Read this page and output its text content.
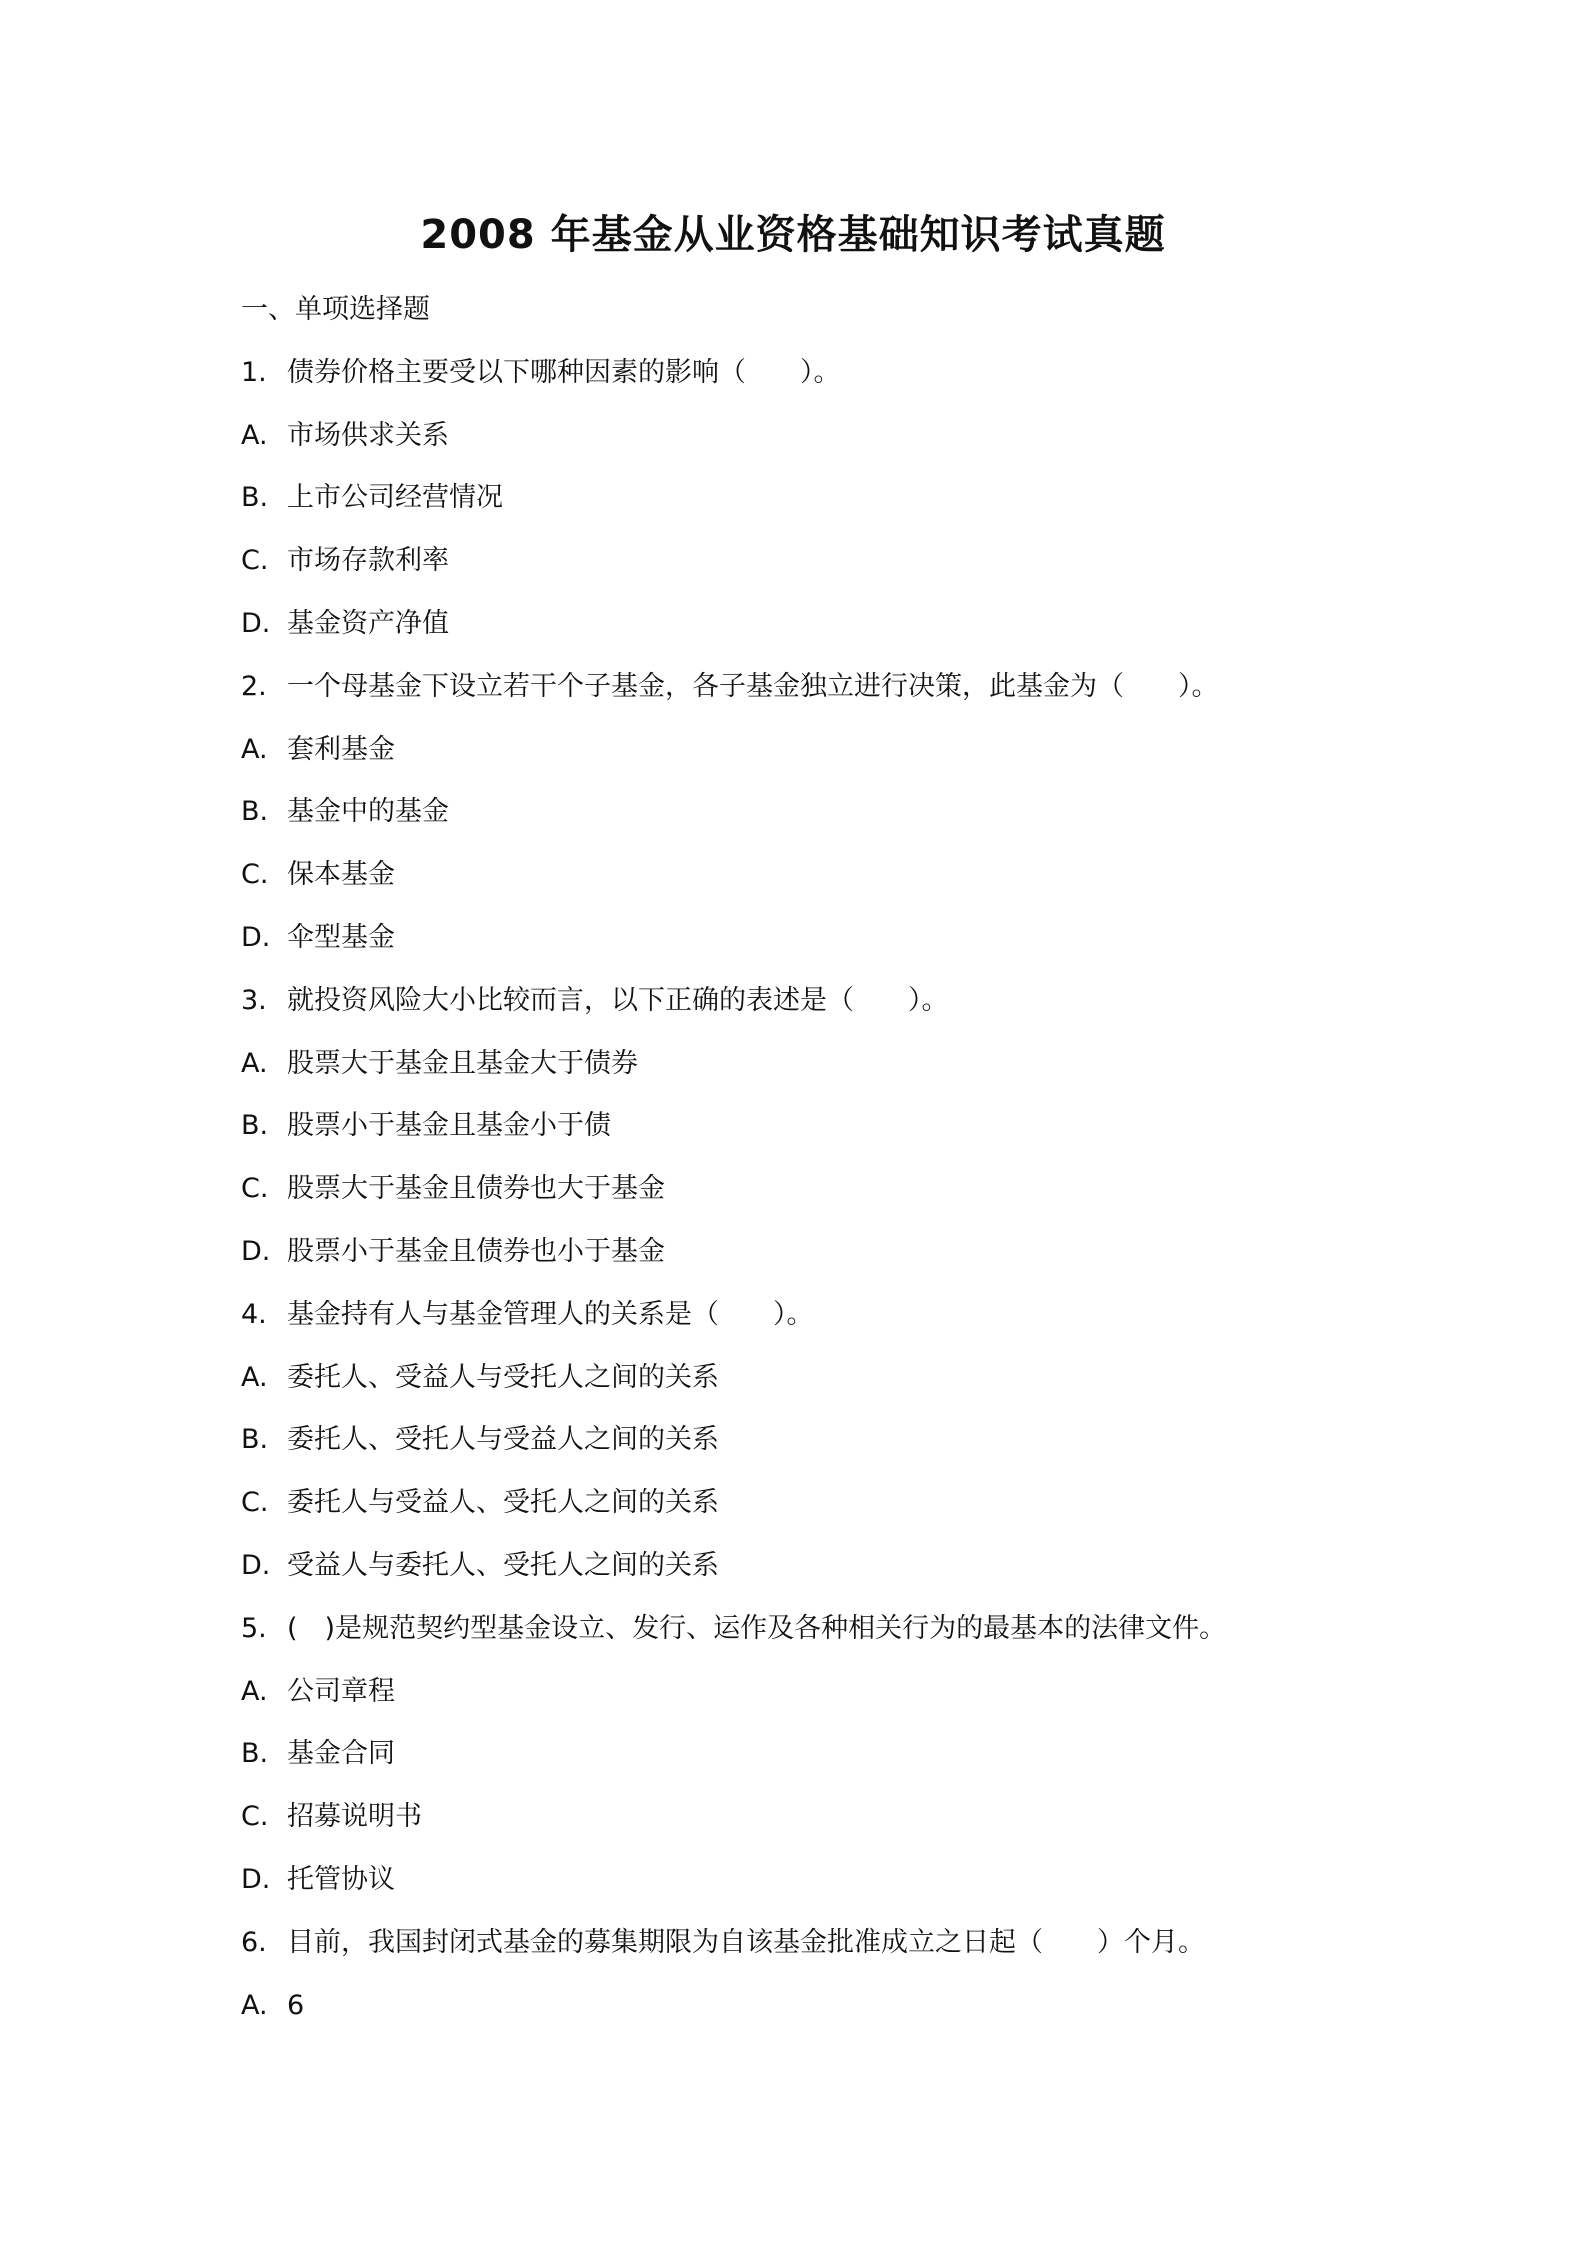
2008 年基金从业资格基础知识考试真题
一、单项选择题
1. 债券价格主要受以下哪种因素的影响（　　）。
A. 市场供求关系
B. 上市公司经营情况
C. 市场存款利率
D. 基金资产净值
2. 一个母基金下设立若干个子基金，各子基金独立进行决策，此基金为（　　）。
A. 套利基金
B. 基金中的基金
C. 保本基金
D. 伞型基金
3. 就投资风险大小比较而言，以下正确的表述是（　　）。
A. 股票大于基金且基金大于债券
B. 股票小于基金且基金小于债
C. 股票大于基金且债券也大于基金
D. 股票小于基金且债券也小于基金
4. 基金持有人与基金管理人的关系是（　　）。
A. 委托人、受益人与受托人之间的关系
B. 委托人、受托人与受益人之间的关系
C. 委托人与受益人、受托人之间的关系
D. 受益人与委托人、受托人之间的关系
5. (　)是规范契约型基金设立、发行、运作及各种相关行为的最基本的法律文件。
A. 公司章程
B. 基金合同
C. 招募说明书
D. 托管协议
6. 目前，我国封闭式基金的募集期限为自该基金批准成立之日起（　　）个月。
A. 6
